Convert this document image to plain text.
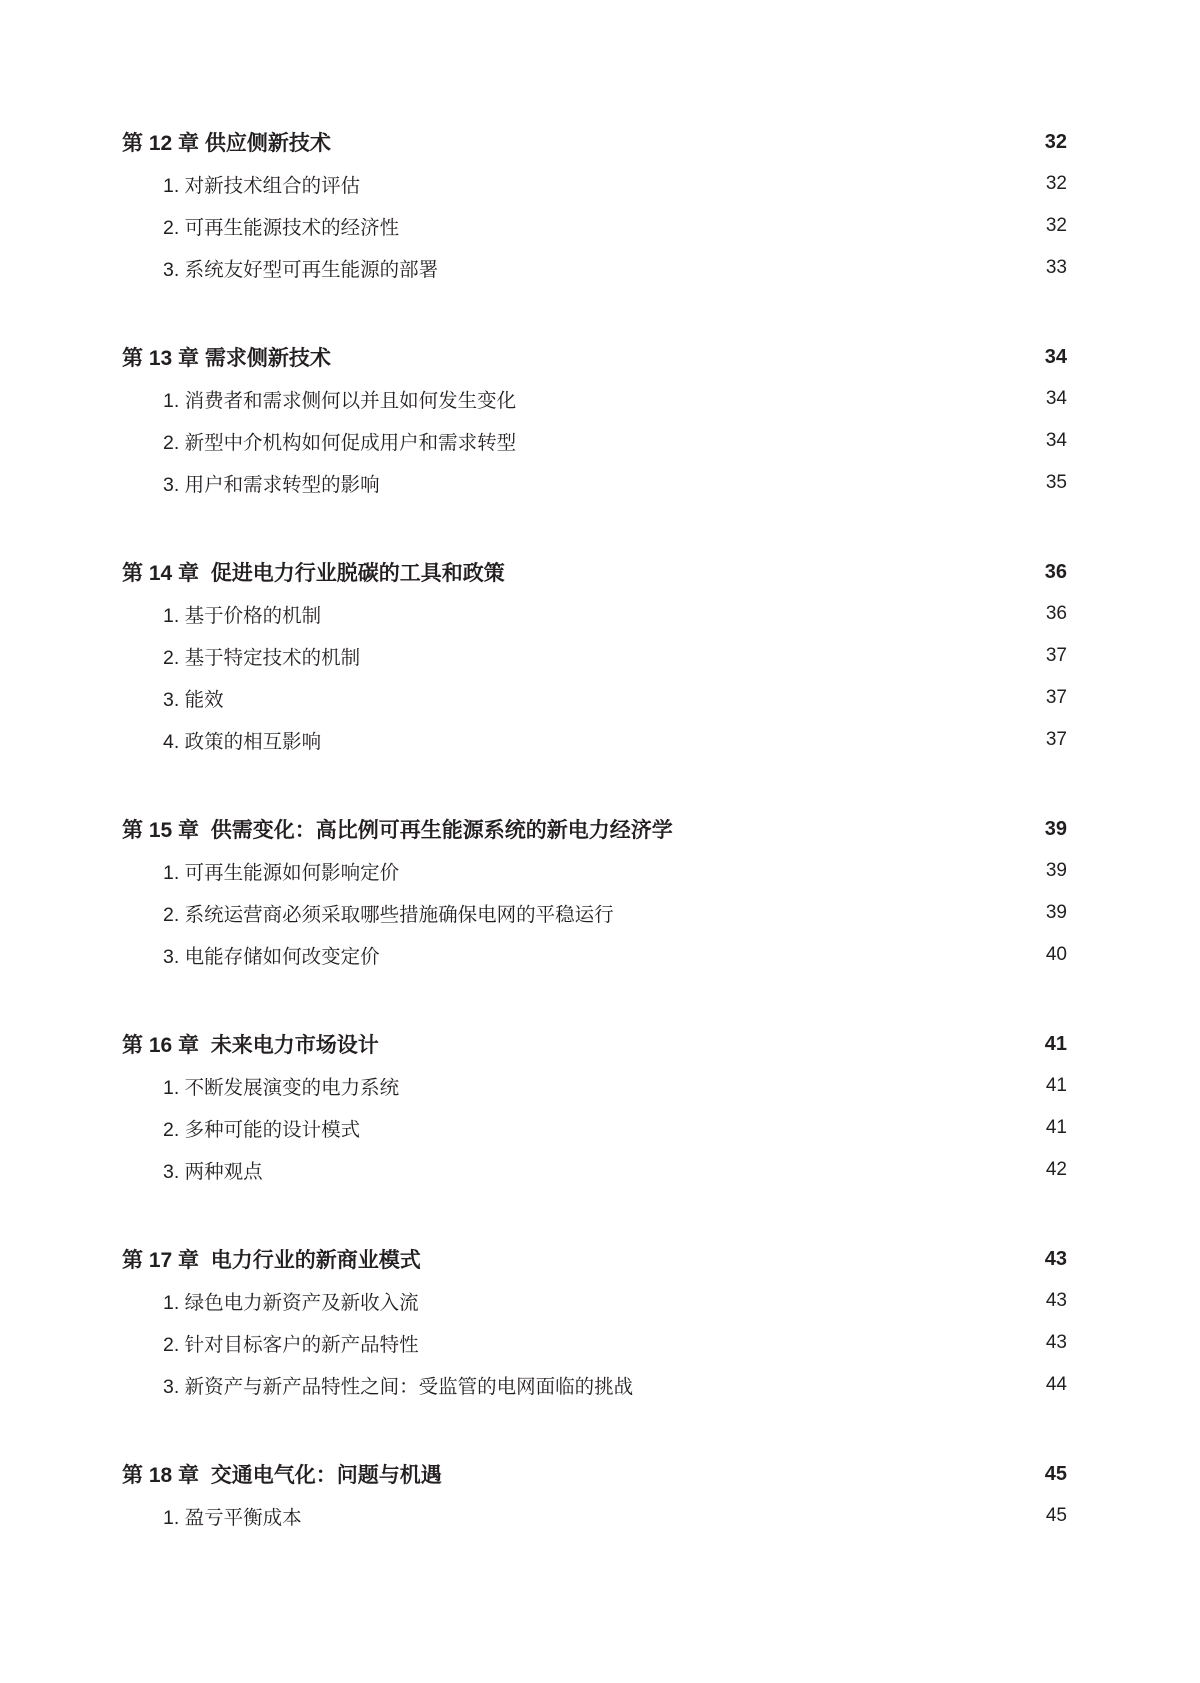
第 12 章 供应侧新技术	32
1. 对新技术组合的评估	32
2. 可再生能源技术的经济性	32
3. 系统友好型可再生能源的部署	33
第 13 章 需求侧新技术	34
1. 消费者和需求侧何以并且如何发生变化	34
2. 新型中介机构如何促成用户和需求转型	34
3. 用户和需求转型的影响	35
第 14 章  促进电力行业脱碳的工具和政策	36
1. 基于价格的机制	36
2. 基于特定技术的机制	37
3. 能效	37
4. 政策的相互影响	37
第 15 章  供需变化：高比例可再生能源系统的新电力经济学	39
1. 可再生能源如何影响定价	39
2. 系统运营商必须采取哪些措施确保电网的平稳运行	39
3. 电能存储如何改变定价	40
第 16 章  未来电力市场设计	41
1. 不断发展演变的电力系统	41
2. 多种可能的设计模式	41
3. 两种观点	42
第 17 章  电力行业的新商业模式	43
1. 绿色电力新资产及新收入流	43
2. 针对目标客户的新产品特性	43
3. 新资产与新产品特性之间：受监管的电网面临的挑战	44
第 18 章  交通电气化：问题与机遇	45
1. 盈亏平衡成本	45
